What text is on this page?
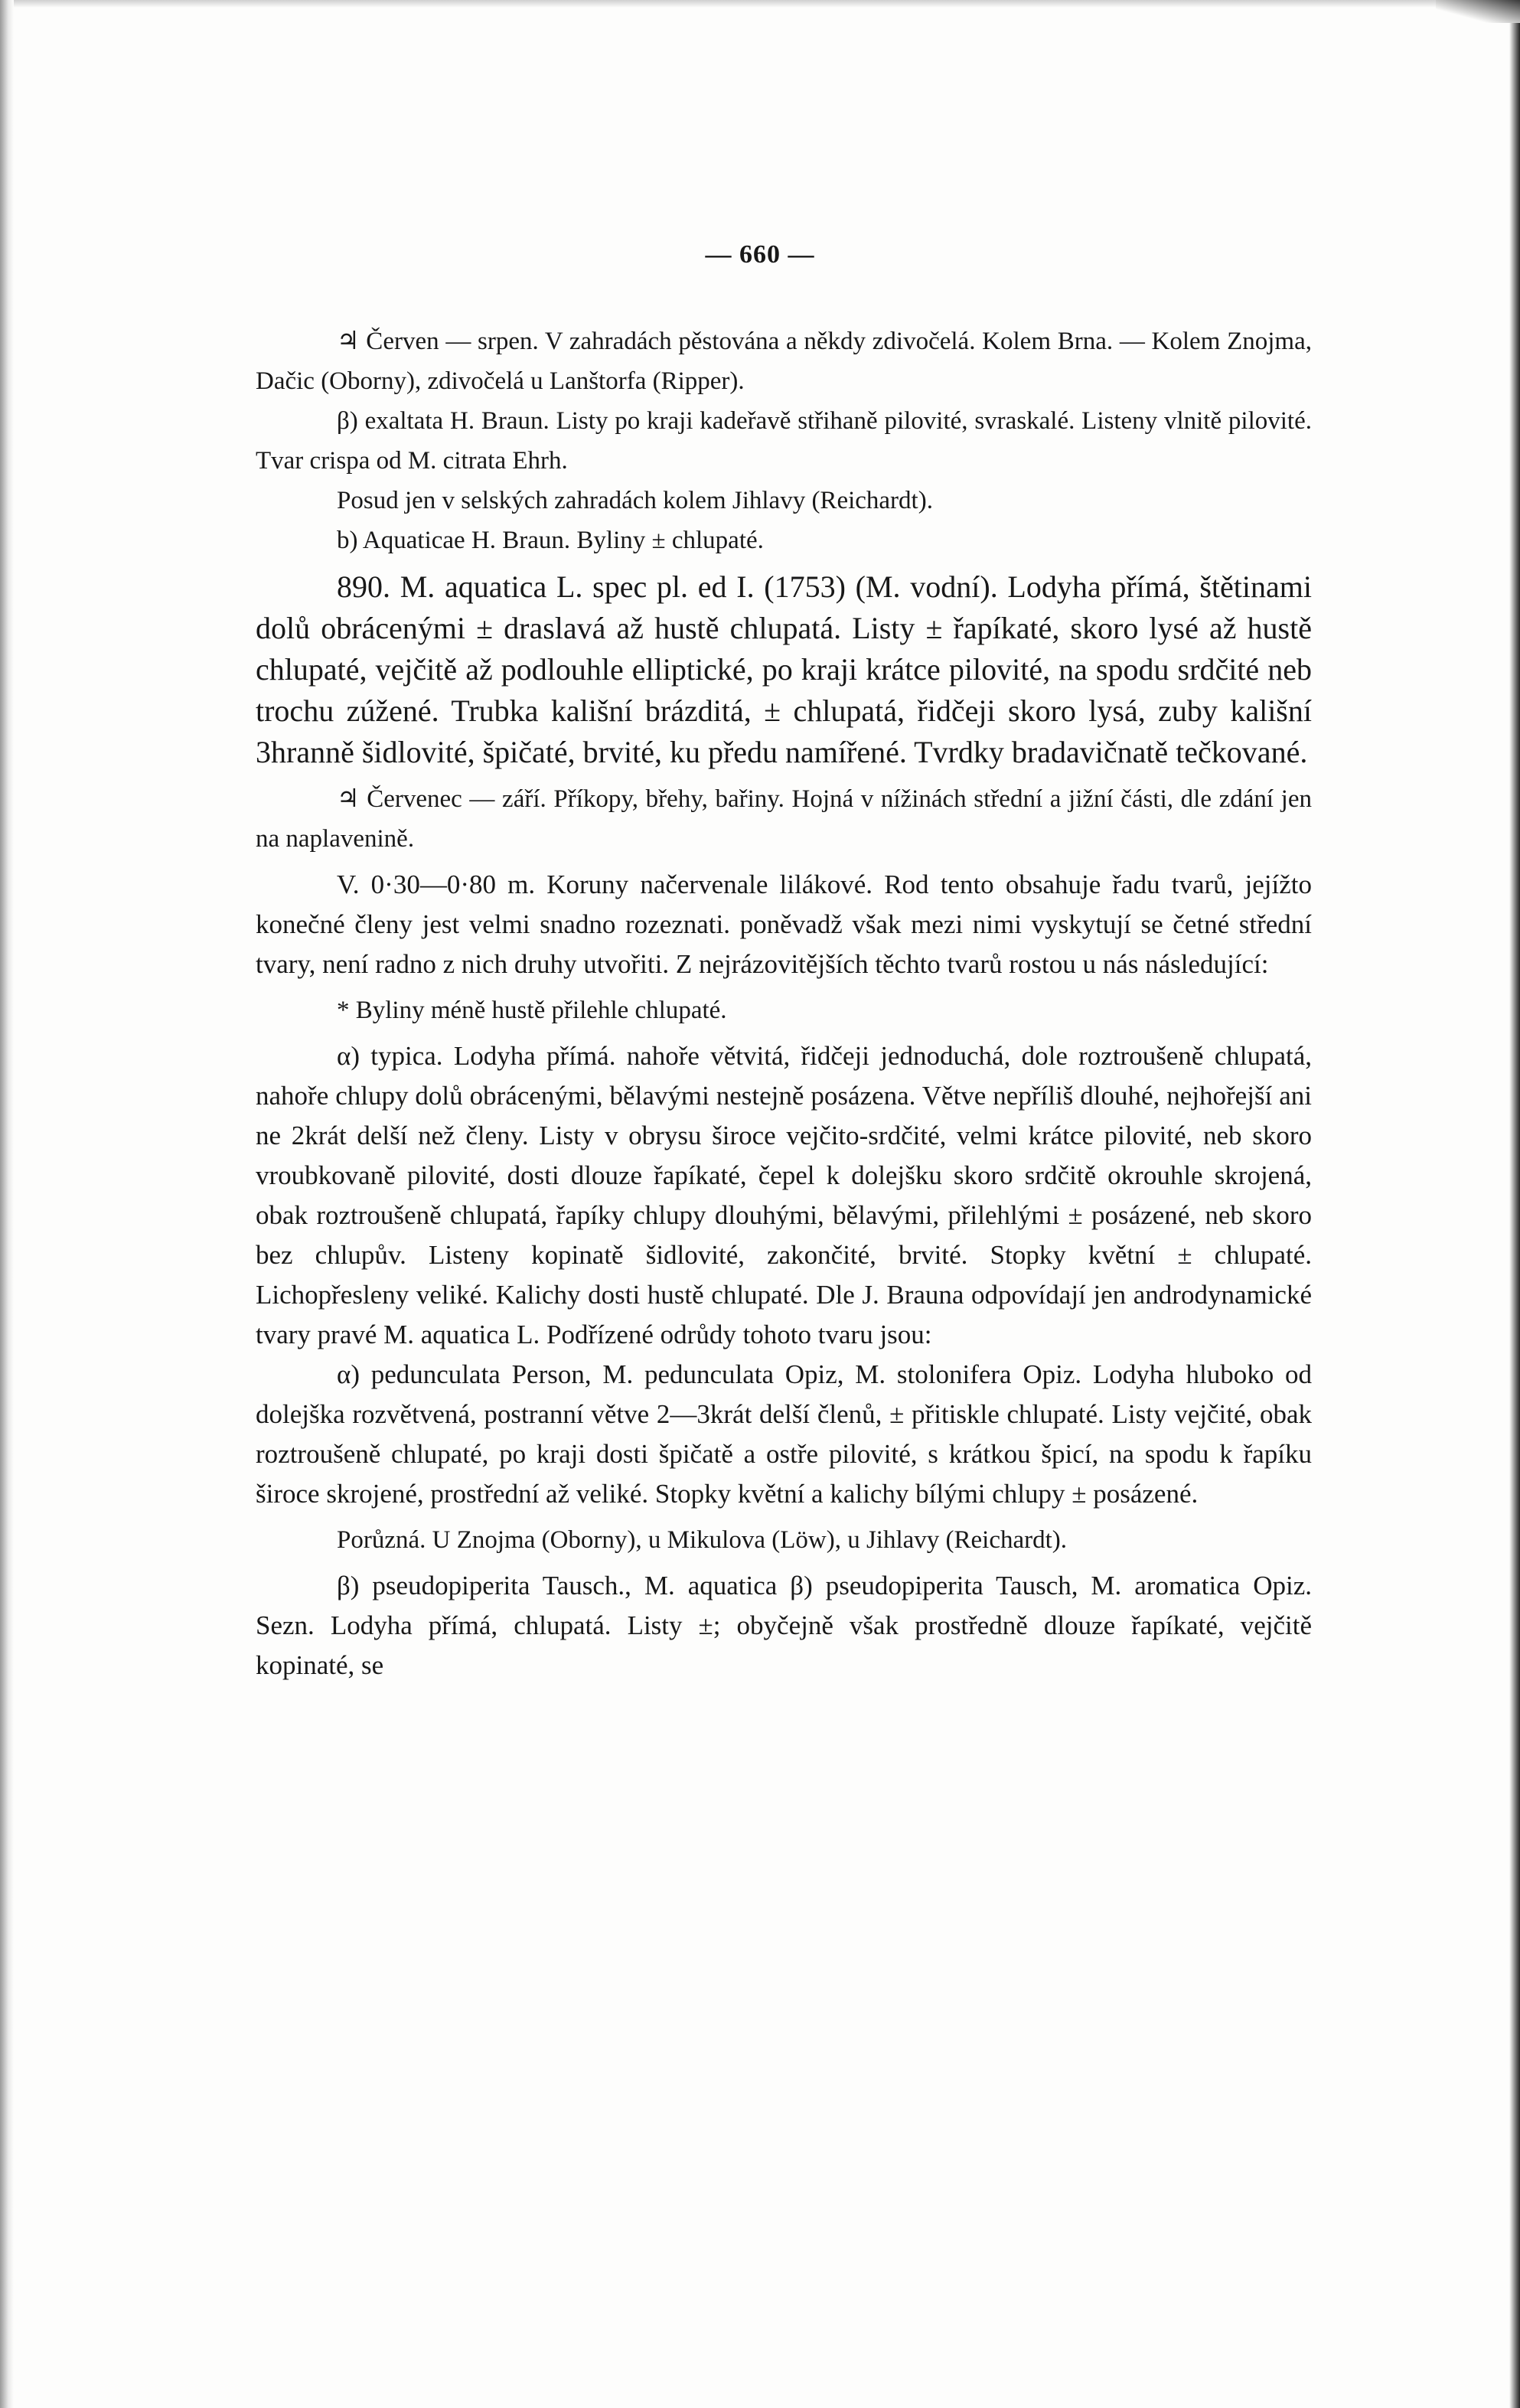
— 660 —

♃ Červen — srpen. V zahradách pěstována a někdy zdivočelá. Kolem Brna. — Kolem Znojma, Dačic (Oborny), zdivočelá u Lanštorfa (Ripper).

β) exaltata H. Braun. Listy po kraji kadeřavě střihaně pilovité, svraskalé. Listeny vlnitě pilovité. Tvar crispa od M. citrata Ehrh.

Posud jen v selských zahradách kolem Jihlavy (Reichardt).

b) Aquaticae H. Braun. Byliny ± chlupaté.

890. M. aquatica L. spec pl. ed I. (1753) (M. vodní). Lodyha přímá, štětinami dolů obrácenými ± draslavá až hustě chlupatá. Listy ± řapíkaté, skoro lysé až hustě chlupaté, vejčitě až podlouhle elliptické, po kraji krátce pilovité, na spodu srdčité neb trochu zúžené. Trubka kališní brázditá, ± chlupatá, řidčeji skoro lysá, zuby kališní 3hranně šidlovité, špičaté, brvité, ku předu namířené. Tvrdky bradavičnatě tečkované.

♃ Červenec — září. Příkopy, břehy, bařiny. Hojná v nížinách střední a jižní části, dle zdání jen na naplavenině.

V. 0·30—0·80 m. Koruny načervenale lilákové. Rod tento obsahuje řadu tvarů, jejížto konečné členy jest velmi snadno rozeznati. poněvadž však mezi nimi vyskytují se četné střední tvary, není radno z nich druhy utvořiti. Z nejrázovitějších těchto tvarů rostou u nás následující:

* Byliny méně hustě přilehle chlupaté.

α) typica. Lodyha přímá. nahoře větvitá, řidčeji jednoduchá, dole roztroušeně chlupatá, nahoře chlupy dolů obrácenými, bělavými nestejně posázena. Větve nepříliš dlouhé, nejhořejší ani ne 2krát delší než členy. Listy v obrysu široce vejčito-srdčité, velmi krátce pilovité, neb skoro vroubkovaně pilovité, dosti dlouze řapíkaté, čepel k dolejšku skoro srdčitě okrouhle skrojená, obak roztroušeně chlupatá, řapíky chlupy dlouhými, bělavými, přilehlými ± posázené, neb skoro bez chlupův. Listeny kopinatě šidlovité, zakončité, brvité. Stopky květní ± chlupaté. Lichopřesleny veliké. Kalichy dosti hustě chlupaté. Dle J. Brauna odpovídají jen androdynamické tvary pravé M. aquatica L. Podřízené odrůdy tohoto tvaru jsou:

α) pedunculata Person, M. pedunculata Opiz, M. stolonifera Opiz. Lodyha hluboko od dolejška rozvětvená, postranní větve 2—3krát delší členů, ± přitiskle chlupaté. Listy vejčité, obak roztroušeně chlupaté, po kraji dosti špičatě a ostře pilovité, s krátkou špicí, na spodu k řapíku široce skrojené, prostřední až veliké. Stopky květní a kalichy bílými chlupy ± posázené.

Porůzná. U Znojma (Oborny), u Mikulova (Löw), u Jihlavy (Reichardt).

β) pseudopiperita Tausch., M. aquatica β) pseudopiperita Tausch, M. aromatica Opiz. Sezn. Lodyha přímá, chlupatá. Listy ±; obyčejně však prostředně dlouze řapíkaté, vejčitě kopinaté, se
